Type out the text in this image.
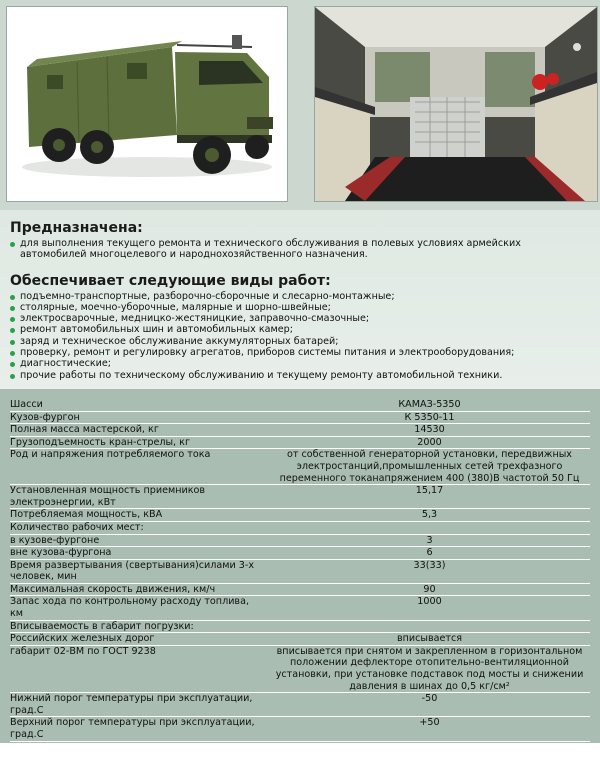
Предназначена:
для выполнения текущего ремонта и технического обслуживания в полевых условиях армейских автомобилей многоцелевого и народнохозяйственного назначения.
Обеспечивает следующие виды работ:
подъемно-транспортные, разборочно-сборочные и слесарно-монтажные;
столярные, моечно-уборочные, малярные и шорно-швейные;
электросварочные, медницко-жестяницкие, заправочно-смазочные;
ремонт автомобильных шин и автомобильных камер;
заряд и техническое обслуживание аккумуляторных батарей;
проверку, ремонт и регулировку агрегатов, приборов системы питания и электрооборудования;
диагностические;
прочие работы по техническому обслуживанию и текущему ремонту автомобильной техники.
Шасси	КАМАЗ-5350
Кузов-фургон	К 5350-11
Полная масса мастерской, кг	14530
Грузоподъемность кран-стрелы, кг	2000
Род и напряжения потребляемого тока	от собственной генераторной установки, передвижных электростанций,промышленных сетей трехфазного переменного токанапряжением 400 (380)В частотой 50 Гц
Установленная мощность приемников электроэнергии, кВт	15,17
Потребляемая мощность, кВА	5,3
Количество рабочих мест:	
в кузове-фургоне	3
вне кузова-фургона	6
Время развертывания (свертывания)силами 3-х человек, мин	33(33)
Максимальная скорость движения, км/ч	90
Запас хода по контрольному расходу топлива, км	1000
Вписываемость в габарит погрузки:	
Российских железных дорог	вписывается
габарит 02-ВМ по ГОСТ 9238	вписывается при снятом и закрепленном в горизонтальном положении дефлекторе отопительно-вентиляционной установки, при установке подставок под мосты и снижении давления в шинах до 0,5 кг/см²
Нижний порог температуры при эксплуатации, град.С	-50
Верхний порог температуры при эксплуатации, град.С	+50
